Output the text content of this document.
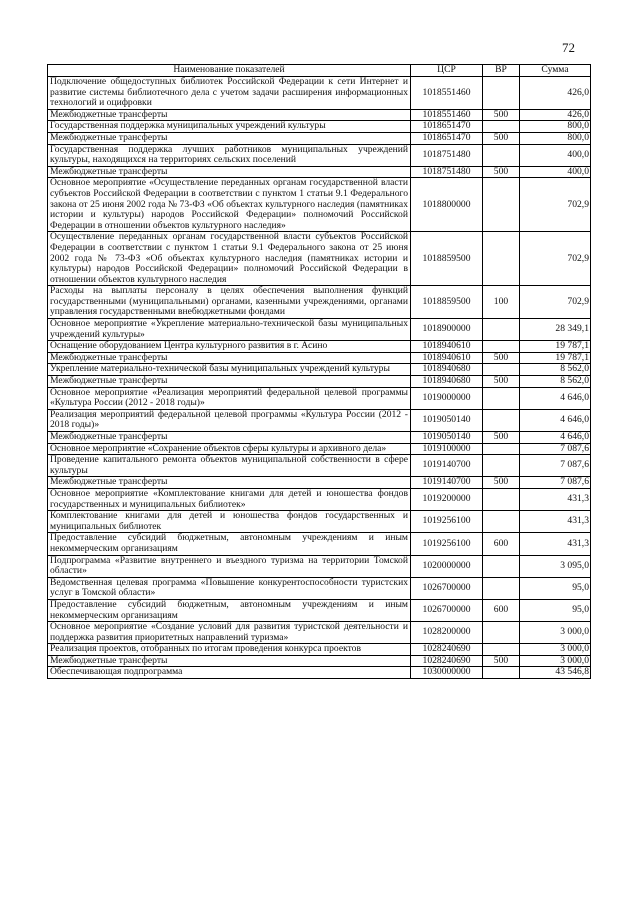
72
Наименование показателей	ЦСР	ВР	Сумма
Подключение общедоступных библиотек Российской Федерации к сети Интернет и развитие системы библиотечного дела с учетом задачи расширения информационных технологий и оцифровки	1018551460		426,0
Межбюджетные трансферты	1018551460	500	426,0
Государственная поддержка муниципальных учреждений культуры	1018651470		800,0
Межбюджетные трансферты	1018651470	500	800,0
Государственная поддержка лучших работников муниципальных учреждений культуры, находящихся на территориях сельских поселений	1018751480		400,0
Межбюджетные трансферты	1018751480	500	400,0
Основное мероприятие «Осуществление переданных органам государственной власти субъектов Российской Федерации в соответствии с пунктом 1 статьи 9.1 Федерального закона от 25 июня 2002 года № 73-ФЗ «Об объектах культурного наследия (памятниках истории и культуры) народов Российской Федерации» полномочий Российской Федерации в отношении объектов культурного наследия»	1018800000		702,9
Осуществление переданных органам государственной власти субъектов Российской Федерации в соответствии с пунктом 1 статьи 9.1 Федерального закона от 25 июня 2002 года № 73-ФЗ «Об объектах культурного наследия (памятниках истории и культуры) народов Российской Федерации» полномочий Российской Федерации в отношении объектов культурного наследия	1018859500		702,9
Расходы на выплаты персоналу в целях обеспечения выполнения функций государственными (муниципальными) органами, казенными учреждениями, органами управления государственными внебюджетными фондами	1018859500	100	702,9
Основное мероприятие «Укрепление материально-технической базы муниципальных учреждений культуры»	1018900000		28 349,1
Оснащение оборудованием Центра культурного развития в г. Асино	1018940610		19 787,1
Межбюджетные трансферты	1018940610	500	19 787,1
Укрепление материально-технической базы муниципальных учреждений культуры	1018940680		8 562,0
Межбюджетные трансферты	1018940680	500	8 562,0
Основное мероприятие «Реализация мероприятий федеральной целевой программы «Культура России (2012 - 2018 годы)»	1019000000		4 646,0
Реализация мероприятий федеральной целевой программы «Культура России (2012 - 2018 годы)»	1019050140		4 646,0
Межбюджетные трансферты	1019050140	500	4 646,0
Основное мероприятие «Сохранение объектов сферы культуры и архивного дела»	1019100000		7 087,6
Проведение капитального ремонта объектов муниципальной собственности в сфере культуры	1019140700		7 087,6
Межбюджетные трансферты	1019140700	500	7 087,6
Основное мероприятие «Комплектование книгами для детей и юношества фондов государственных и муниципальных библиотек»	1019200000		431,3
Комплектование книгами для детей и юношества фондов государственных и муниципальных библиотек	1019256100		431,3
Предоставление субсидий бюджетным, автономным учреждениям и иным некоммерческим организациям	1019256100	600	431,3
Подпрограмма «Развитие внутреннего и въездного туризма на территории Томской области»	1020000000		3 095,0
Ведомственная целевая программа «Повышение конкурентоспособности туристских услуг в Томской области»	1026700000		95,0
Предоставление субсидий бюджетным, автономным учреждениям и иным некоммерческим организациям	1026700000	600	95,0
Основное мероприятие «Создание условий для развития туристской деятельности и поддержка развития приоритетных направлений туризма»	1028200000		3 000,0
Реализация проектов, отобранных по итогам проведения конкурса проектов	1028240690		3 000,0
Межбюджетные трансферты	1028240690	500	3 000,0
Обеспечивающая подпрограмма	1030000000		43 546,8
